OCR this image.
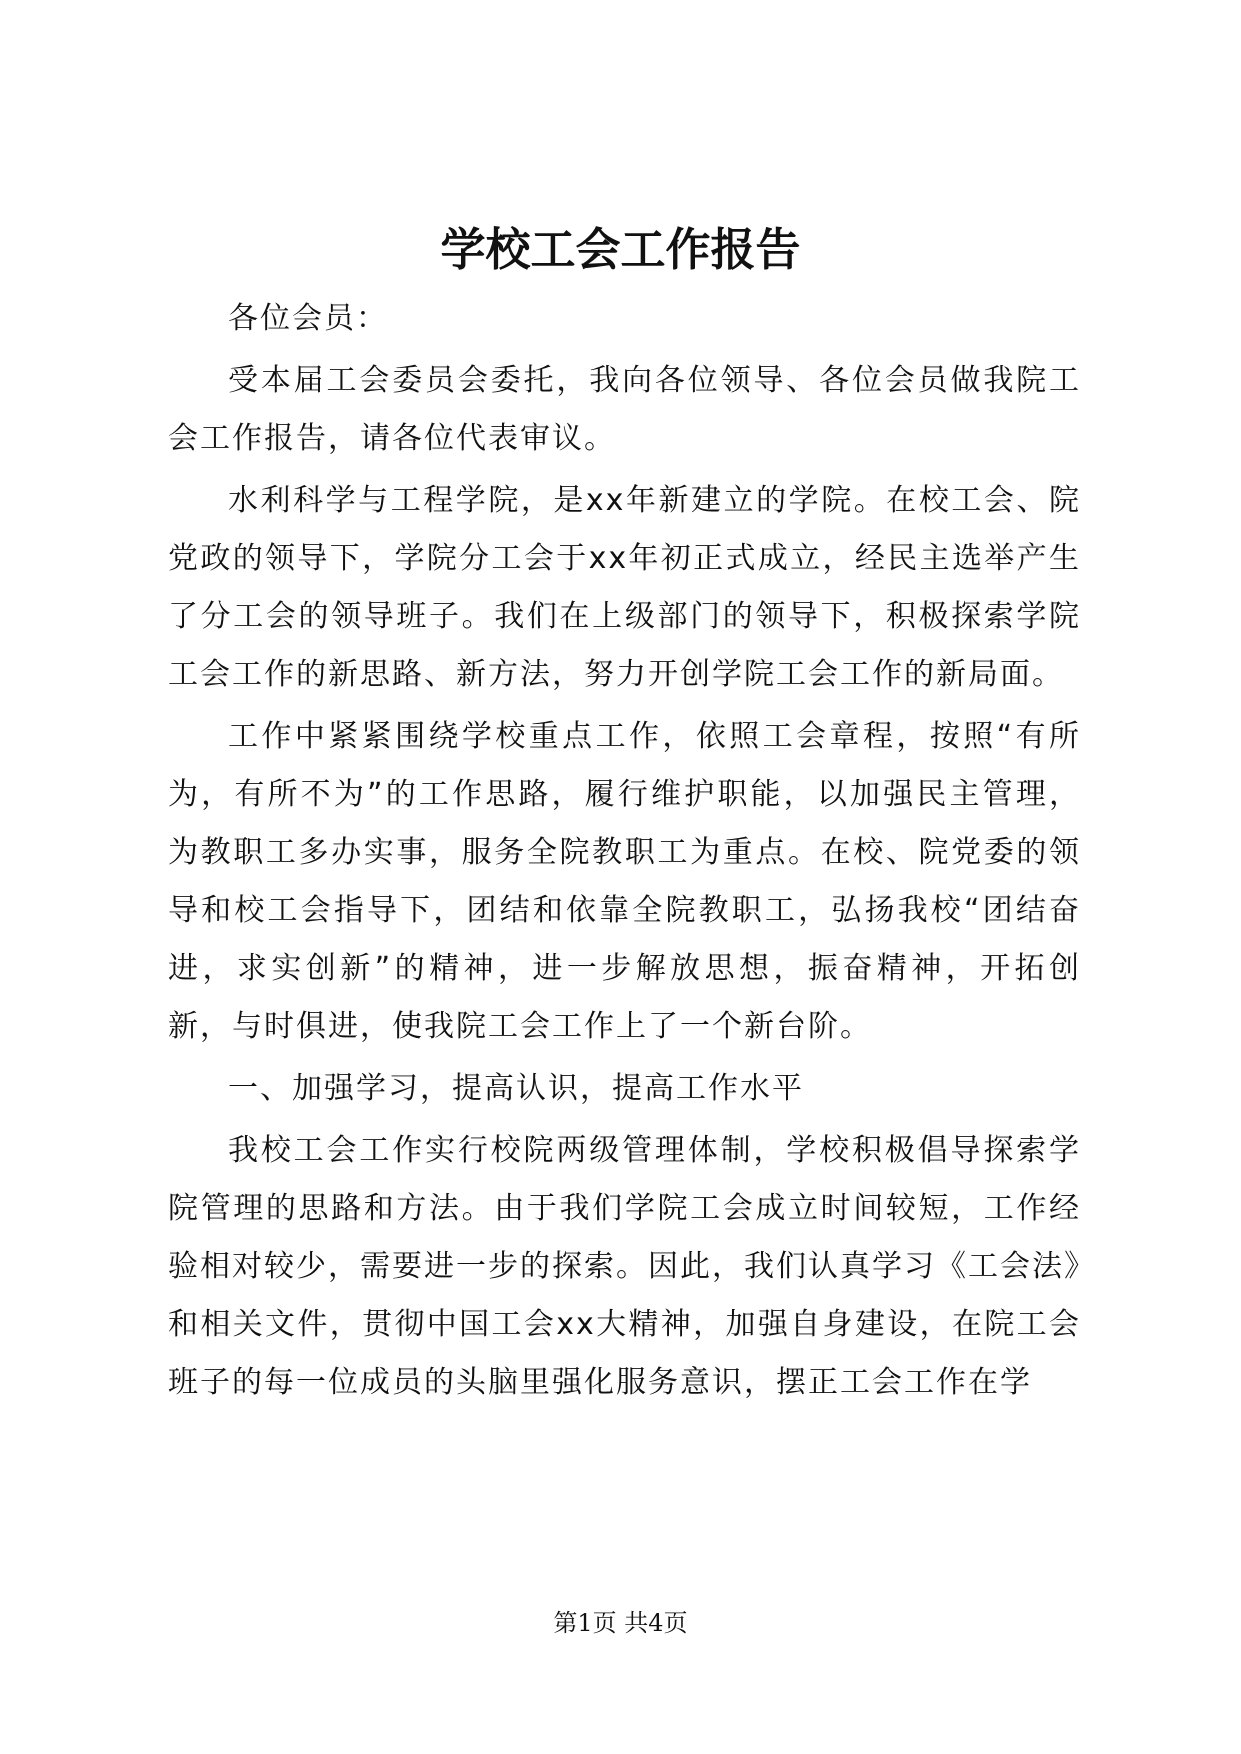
学校工会工作报告

各位会员：

受本届工会委员会委托，我向各位领导、各位会员做我院工会工作报告，请各位代表审议。

水利科学与工程学院，是xx年新建立的学院。在校工会、院党政的领导下，学院分工会于xx年初正式成立，经民主选举产生了分工会的领导班子。我们在上级部门的领导下，积极探索学院工会工作的新思路、新方法，努力开创学院工会工作的新局面。

工作中紧紧围绕学校重点工作，依照工会章程，按照“有所为，有所不为”的工作思路，履行维护职能，以加强民主管理，为教职工多办实事，服务全院教职工为重点。在校、院党委的领导和校工会指导下，团结和依靠全院教职工，弘扬我校“团结奋进，求实创新”的精神，进一步解放思想，振奋精神，开拓创新，与时俱进，使我院工会工作上了一个新台阶。

一、加强学习，提高认识，提高工作水平

我校工会工作实行校院两级管理体制，学校积极倡导探索学院管理的思路和方法。由于我们学院工会成立时间较短，工作经验相对较少，需要进一步的探索。因此，我们认真学习《工会法》和相关文件，贯彻中国工会xx大精神，加强自身建设，在院工会班子的每一位成员的头脑里强化服务意识，摆正工会工作在学

第1页 共4页
